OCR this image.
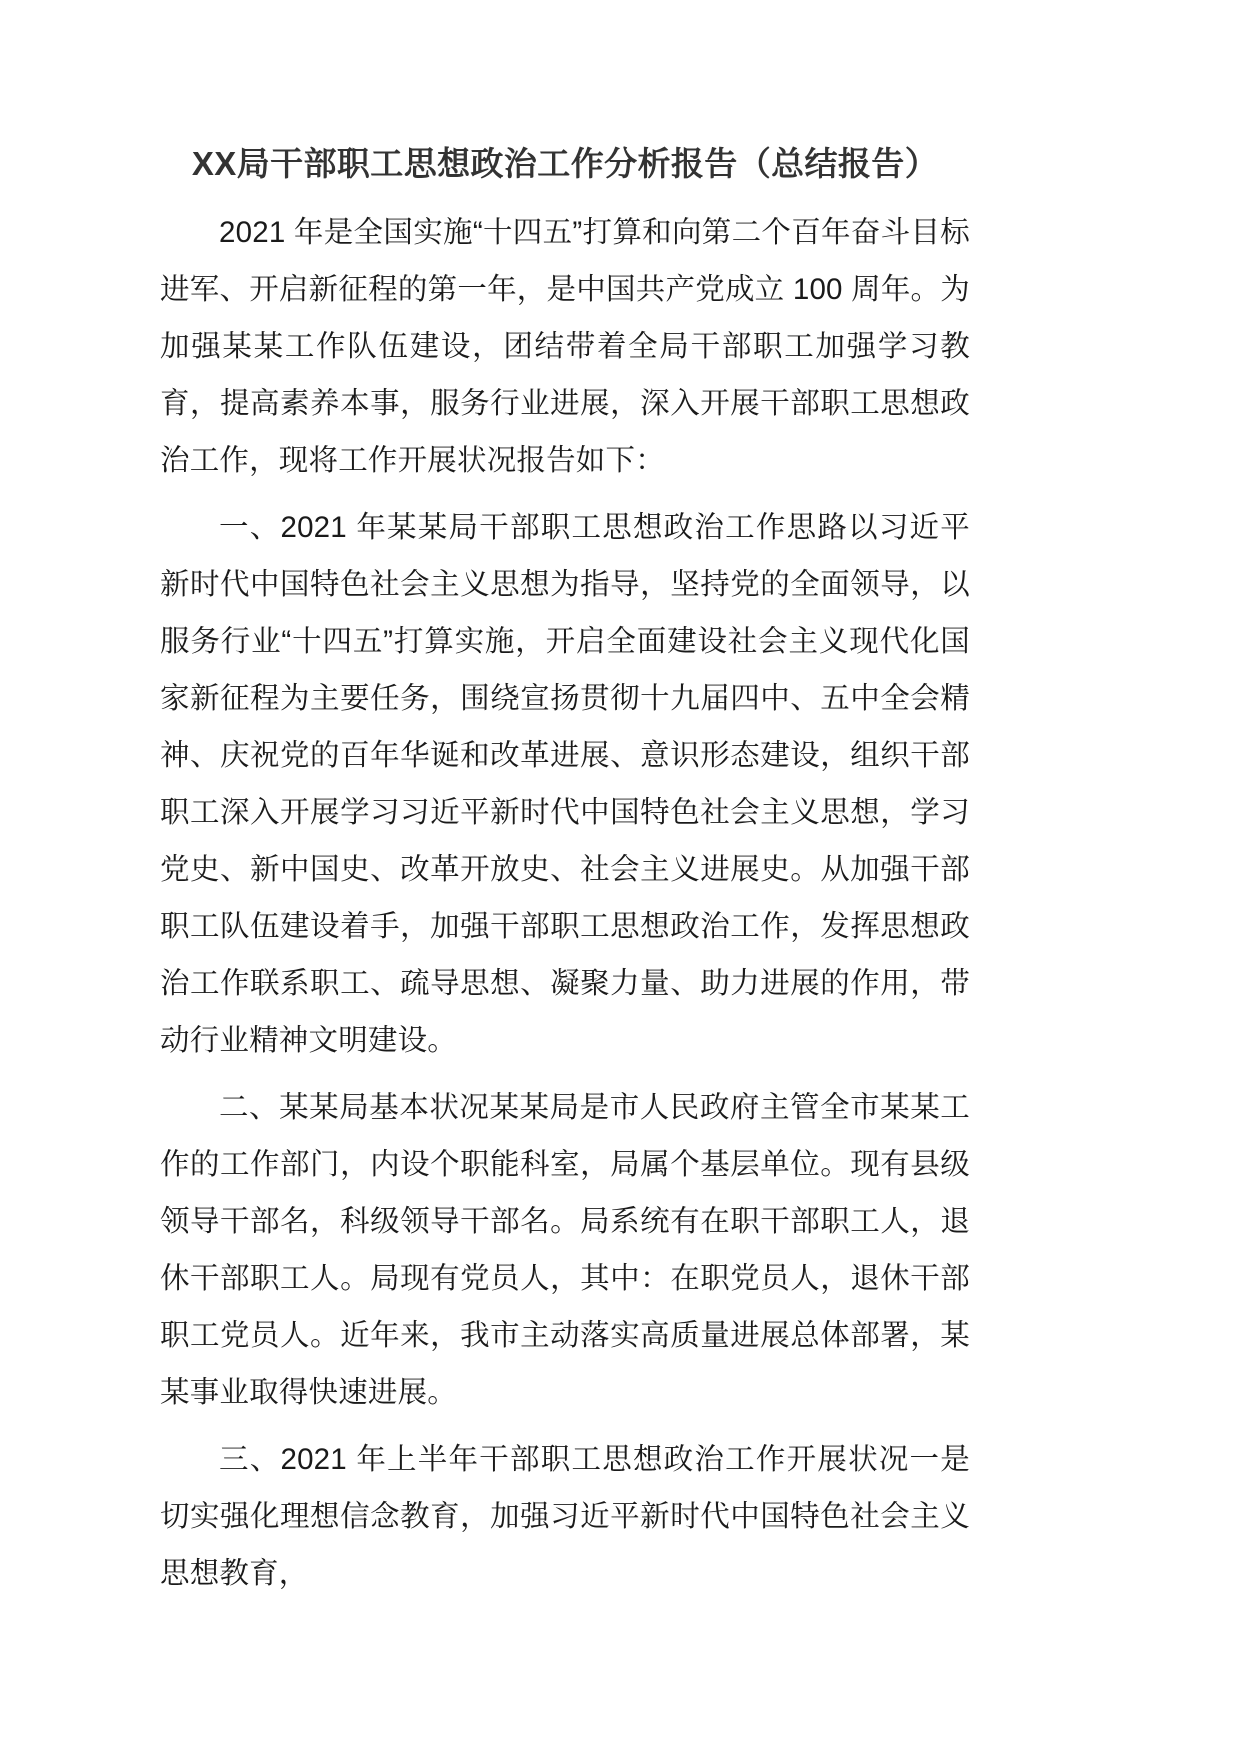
XX局干部职工思想政治工作分析报告（总结报告）

2021 年是全国实施“十四五”打算和向第二个百年奋斗目标进军、开启新征程的第一年，是中国共产党成立 100 周年。为加强某某工作队伍建设，团结带着全局干部职工加强学习教育，提高素养本事，服务行业进展，深入开展干部职工思想政治工作，现将工作开展状况报告如下：

一、2021 年某某局干部职工思想政治工作思路以习近平新时代中国特色社会主义思想为指导，坚持党的全面领导，以服务行业“十四五”打算实施，开启全面建设社会主义现代化国家新征程为主要任务，围绕宣扬贯彻十九届四中、五中全会精神、庆祝党的百年华诞和改革进展、意识形态建设，组织干部职工深入开展学习习近平新时代中国特色社会主义思想，学习党史、新中国史、改革开放史、社会主义进展史。从加强干部职工队伍建设着手，加强干部职工思想政治工作，发挥思想政治工作联系职工、疏导思想、凝聚力量、助力进展的作用，带动行业精神文明建设。

二、某某局基本状况某某局是市人民政府主管全市某某工作的工作部门，内设个职能科室，局属个基层单位。现有县级领导干部名，科级领导干部名。局系统有在职干部职工人，退休干部职工人。局现有党员人，其中：在职党员人，退休干部职工党员人。近年来，我市主动落实高质量进展总体部署，某某事业取得快速进展。

三、2021 年上半年干部职工思想政治工作开展状况一是切实强化理想信念教育，加强习近平新时代中国特色社会主义思想教育，
